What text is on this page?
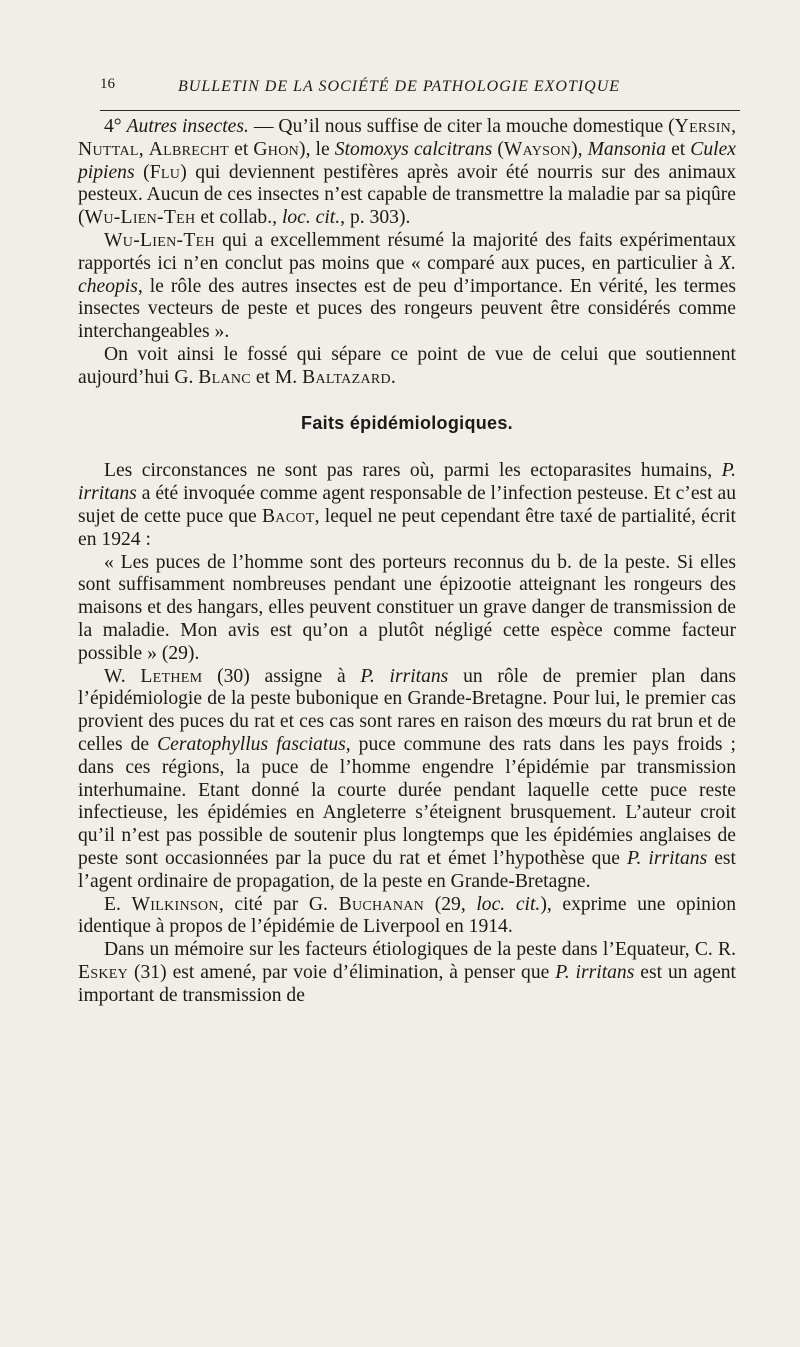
16	BULLETIN DE LA SOCIÉTÉ DE PATHOLOGIE EXOTIQUE

4° Autres insectes. — Qu’il nous suffise de citer la mouche domestique (Yersin, Nuttal, Albrecht et Ghon), le Stomoxys calcitrans (Wayson), Mansonia et Culex pipiens (Flu) qui deviennent pestifères après avoir été nourris sur des animaux pesteux. Aucun de ces insectes n’est capable de transmettre la maladie par sa piqûre (Wu-Lien-Teh et collab., loc. cit., p. 303).

Wu-Lien-Teh qui a excellemment résumé la majorité des faits expérimentaux rapportés ici n’en conclut pas moins que « comparé aux puces, en particulier à X. cheopis, le rôle des autres insectes est de peu d’importance. En vérité, les termes insectes vecteurs de peste et puces des rongeurs peuvent être considérés comme interchangeables ».

On voit ainsi le fossé qui sépare ce point de vue de celui que soutiennent aujourd’hui G. Blanc et M. Baltazard.

Faits épidémiologiques.

Les circonstances ne sont pas rares où, parmi les ectoparasites humains, P. irritans a été invoquée comme agent responsable de l’infection pesteuse. Et c’est au sujet de cette puce que Bacot, lequel ne peut cependant être taxé de partialité, écrit en 1924 :

« Les puces de l’homme sont des porteurs reconnus du b. de la peste. Si elles sont suffisamment nombreuses pendant une épizootie atteignant les rongeurs des maisons et des hangars, elles peuvent constituer un grave danger de transmission de la maladie. Mon avis est qu’on a plutôt négligé cette espèce comme facteur possible » (29).

W. Lethem (30) assigne à P. irritans un rôle de premier plan dans l’épidémiologie de la peste bubonique en Grande-Bretagne. Pour lui, le premier cas provient des puces du rat et ces cas sont rares en raison des mœurs du rat brun et de celles de Ceratophyllus fasciatus, puce commune des rats dans les pays froids ; dans ces régions, la puce de l’homme engendre l’épidémie par transmission interhumaine. Etant donné la courte durée pendant laquelle cette puce reste infectieuse, les épidémies en Angleterre s’éteignent brusquement. L’auteur croit qu’il n’est pas possible de soutenir plus longtemps que les épidémies anglaises de peste sont occasionnées par la puce du rat et émet l’hypothèse que P. irritans est l’agent ordinaire de propagation, de la peste en Grande-Bretagne.

E. Wilkinson, cité par G. Buchanan (29, loc. cit.), exprime une opinion identique à propos de l’épidémie de Liverpool en 1914.

Dans un mémoire sur les facteurs étiologiques de la peste dans l’Equateur, C. R. Eskey (31) est amené, par voie d’élimination, à penser que P. irritans est un agent important de transmission de
